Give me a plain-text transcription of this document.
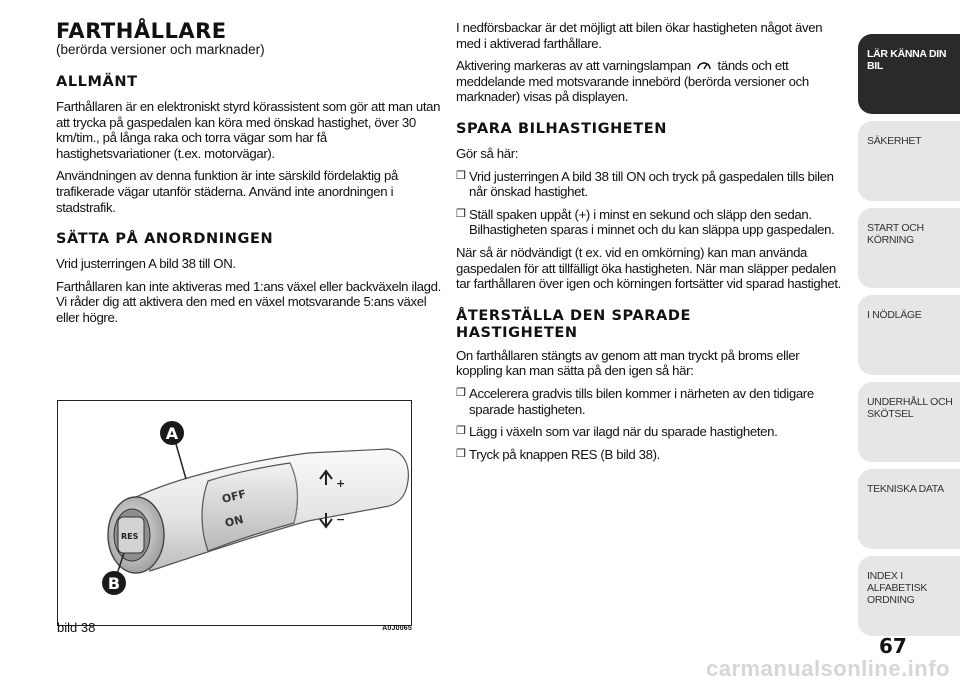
FARTHÅLLARE
(berörda versioner och marknader)
ALLMÄNT

Farthållaren är en elektroniskt styrd körassistent som gör att man utan att trycka på gaspedalen kan köra med önskad hastighet, över 30 km/tim., på långa raka och torra vägar som har få hastighetsvariationer (t.ex. motorvägar).

Användningen av denna funktion är inte särskild fördelaktig på trafikerade vägar utanför städerna. Använd inte anordningen i stadstrafik.

SÄTTA PÅ ANORDNINGEN

Vrid justerringen A bild 38 till ON.

Farthållaren kan inte aktiveras med 1:ans växel eller backväxeln ilagd. Vi råder dig att aktivera den med en växel motsvarande 5:ans växel eller högre.

A
B
OFF
ON
RES
+
−
bild 38	A0J0065

I nedförsbackar är det möjligt att bilen ökar hastigheten något även med i aktiverad farthållare.

Aktivering markeras av att varningslampan tänds och ett meddelande med motsvarande innebörd (berörda versioner och marknader) visas på displayen.

SPARA BILHASTIGHETEN

Gör så här:

❒ Vrid justerringen A bild 38 till ON och tryck på gaspedalen tills bilen når önskad hastighet.
❒ Ställ spaken uppåt (+) i minst en sekund och släpp den sedan. Bilhastigheten sparas i minnet och du kan släppa upp gaspedalen.

När så är nödvändigt (t ex. vid en omkörning) kan man använda gaspedalen för att tillfälligt öka hastigheten. När man släpper pedalen tar farthållaren över igen och körningen fortsätter vid sparad hastighet.

ÅTERSTÄLLA DEN SPARADE
HASTIGHETEN

On farthållaren stängts av genom att man tryckt på broms eller koppling kan man sätta på den igen så här:

❒ Accelerera gradvis tills bilen kommer i närheten av den tidigare sparade hastigheten.
❒ Lägg i växeln som var ilagd när du sparade hastigheten.
❒ Tryck på knappen RES (B bild 38).
LÄR KÄNNA DIN
BIL
SÄKERHET
START OCH
KÖRNING
I NÖDLÄGE
UNDERHÅLL OCH
SKÖTSEL
TEKNISKA DATA
INDEX I ALFABETISK
ORDNING
67
carmanualsonline.info
